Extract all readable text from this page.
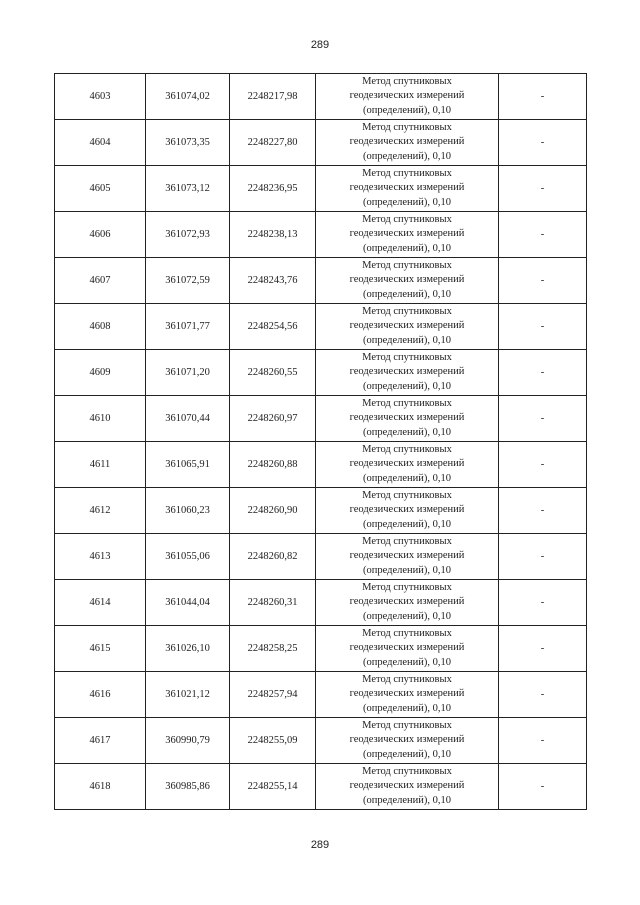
289
4603	361074,02	2248217,98	Метод спутниковых
геодезических измерений
(определений), 0,10	-
4604	361073,35	2248227,80	Метод спутниковых
геодезических измерений
(определений), 0,10	-
4605	361073,12	2248236,95	Метод спутниковых
геодезических измерений
(определений), 0,10	-
4606	361072,93	2248238,13	Метод спутниковых
геодезических измерений
(определений), 0,10	-
4607	361072,59	2248243,76	Метод спутниковых
геодезических измерений
(определений), 0,10	-
4608	361071,77	2248254,56	Метод спутниковых
геодезических измерений
(определений), 0,10	-
4609	361071,20	2248260,55	Метод спутниковых
геодезических измерений
(определений), 0,10	-
4610	361070,44	2248260,97	Метод спутниковых
геодезических измерений
(определений), 0,10	-
4611	361065,91	2248260,88	Метод спутниковых
геодезических измерений
(определений), 0,10	-
4612	361060,23	2248260,90	Метод спутниковых
геодезических измерений
(определений), 0,10	-
4613	361055,06	2248260,82	Метод спутниковых
геодезических измерений
(определений), 0,10	-
4614	361044,04	2248260,31	Метод спутниковых
геодезических измерений
(определений), 0,10	-
4615	361026,10	2248258,25	Метод спутниковых
геодезических измерений
(определений), 0,10	-
4616	361021,12	2248257,94	Метод спутниковых
геодезических измерений
(определений), 0,10	-
4617	360990,79	2248255,09	Метод спутниковых
геодезических измерений
(определений), 0,10	-
4618	360985,86	2248255,14	Метод спутниковых
геодезических измерений
(определений), 0,10	-
289
